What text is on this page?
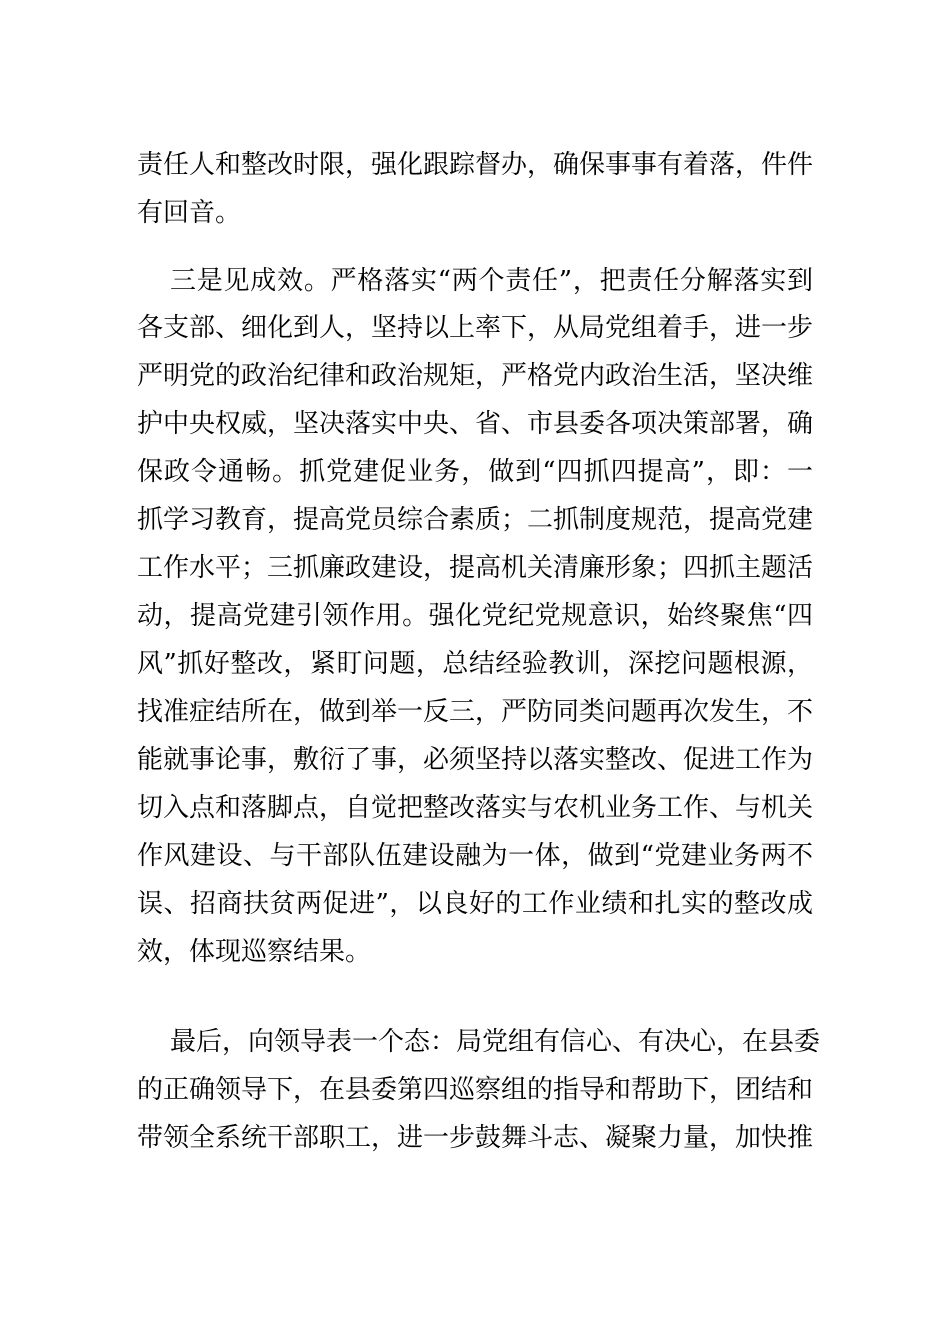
责任人和整改时限，强化跟踪督办，确保事事有着落，件件
有回音。
三是见成效。严格落实“两个责任”，把责任分解落实到
各支部、细化到人，坚持以上率下，从局党组着手，进一步
严明党的政治纪律和政治规矩，严格党内政治生活，坚决维
护中央权威，坚决落实中央、省、市县委各项决策部署，确
保政令通畅。抓党建促业务，做到“四抓四提高”，即：一
抓学习教育，提高党员综合素质；二抓制度规范，提高党建
工作水平；三抓廉政建设，提高机关清廉形象；四抓主题活
动，提高党建引领作用。强化党纪党规意识，始终聚焦“四
风”抓好整改，紧盯问题，总结经验教训，深挖问题根源，
找准症结所在，做到举一反三，严防同类问题再次发生，不
能就事论事，敷衍了事，必须坚持以落实整改、促进工作为
切入点和落脚点，自觉把整改落实与农机业务工作、与机关
作风建设、与干部队伍建设融为一体，做到“党建业务两不
误、招商扶贫两促进”，以良好的工作业绩和扎实的整改成
效，体现巡察结果。
最后，向领导表一个态：局党组有信心、有决心，在县委
的正确领导下，在县委第四巡察组的指导和帮助下，团结和
带领全系统干部职工，进一步鼓舞斗志、凝聚力量，加快推
